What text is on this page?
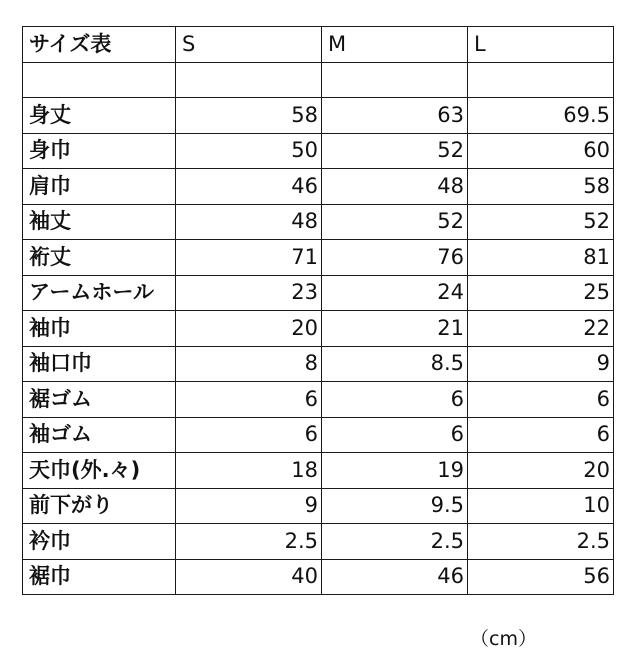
サイズ表	S	M	L

身丈	58	63	69.5
身巾	50	52	60
肩巾	46	48	58
袖丈	48	52	52
裄丈	71	76	81
アームホール	23	24	25
袖巾	20	21	22
袖口巾	8	8.5	9
裾ゴム	6	6	6
袖ゴム	6	6	6
天巾(外.々)	18	19	20
前下がり	9	9.5	10
衿巾	2.5	2.5	2.5
裾巾	40	46	56
（cm）
